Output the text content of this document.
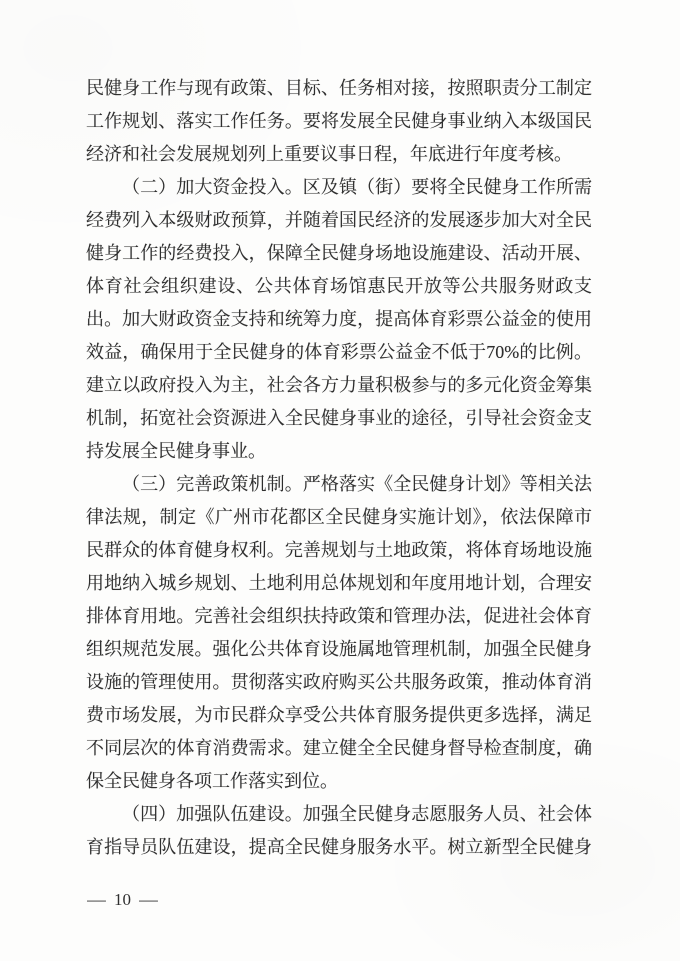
民健身工作与现有政策、目标、任务相对接，按照职责分工制定
工作规划、落实工作任务。要将发展全民健身事业纳入本级国民
经济和社会发展规划列上重要议事日程，年底进行年度考核。
（二）加大资金投入。区及镇（街）要将全民健身工作所需
经费列入本级财政预算，并随着国民经济的发展逐步加大对全民
健身工作的经费投入，保障全民健身场地设施建设、活动开展、
体育社会组织建设、公共体育场馆惠民开放等公共服务财政支
出。加大财政资金支持和统筹力度，提高体育彩票公益金的使用
效益，确保用于全民健身的体育彩票公益金不低于70%的比例。
建立以政府投入为主，社会各方力量积极参与的多元化资金筹集
机制，拓宽社会资源进入全民健身事业的途径，引导社会资金支
持发展全民健身事业。
（三）完善政策机制。严格落实《全民健身计划》等相关法
律法规，制定《广州市花都区全民健身实施计划》，依法保障市
民群众的体育健身权利。完善规划与土地政策，将体育场地设施
用地纳入城乡规划、土地利用总体规划和年度用地计划，合理安
排体育用地。完善社会组织扶持政策和管理办法，促进社会体育
组织规范发展。强化公共体育设施属地管理机制，加强全民健身
设施的管理使用。贯彻落实政府购买公共服务政策，推动体育消
费市场发展，为市民群众享受公共体育服务提供更多选择，满足
不同层次的体育消费需求。建立健全全民健身督导检查制度，确
保全民健身各项工作落实到位。
（四）加强队伍建设。加强全民健身志愿服务人员、社会体
育指导员队伍建设，提高全民健身服务水平。树立新型全民健身
— 10 —
